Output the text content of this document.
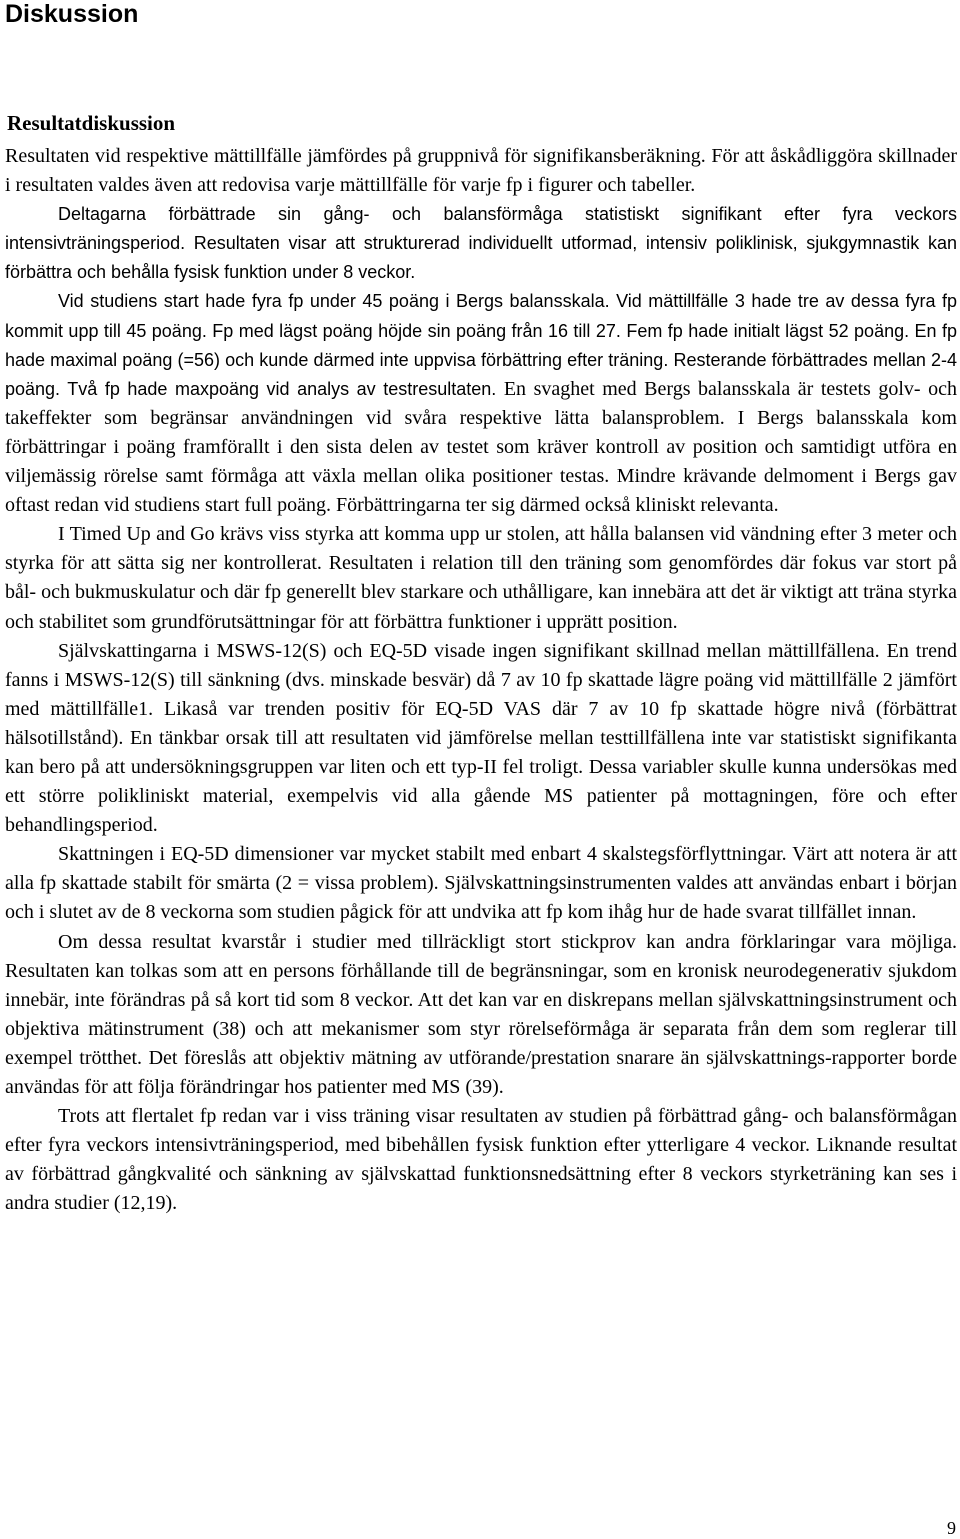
Diskussion
Resultatdiskussion

Resultaten vid respektive mättillfälle jämfördes på gruppnivå för signifikansberäkning. För att åskådliggöra skillnader i resultaten valdes även att redovisa varje mättillfälle för varje fp i figurer och tabeller.

Deltagarna förbättrade sin gång- och balansförmåga statistiskt signifikant efter fyra veckors intensivträningsperiod. Resultaten visar att strukturerad individuellt utformad, intensiv poliklinisk, sjukgymnastik kan förbättra och behålla fysisk funktion under 8 veckor.

Vid studiens start hade fyra fp under 45 poäng i Bergs balansskala. Vid mättillfälle 3 hade tre av dessa fyra fp kommit upp till 45 poäng. Fp med lägst poäng höjde sin poäng från 16 till 27. Fem fp hade initialt lägst 52 poäng. En fp hade maximal poäng (=56) och kunde därmed inte uppvisa förbättring efter träning. Resterande förbättrades mellan 2-4 poäng. Två fp hade maxpoäng vid analys av testresultaten. En svaghet med Bergs balansskala är testets golv- och takeffekter som begränsar användningen vid svåra respektive lätta balansproblem. I Bergs balansskala kom förbättringar i poäng framförallt i den sista delen av testet som kräver kontroll av position och samtidigt utföra en viljemässig rörelse samt förmåga att växla mellan olika positioner testas. Mindre krävande delmoment i Bergs gav oftast redan vid studiens start full poäng. Förbättringarna ter sig därmed också kliniskt relevanta.

I Timed Up and Go krävs viss styrka att komma upp ur stolen, att hålla balansen vid vändning efter 3 meter och styrka för att sätta sig ner kontrollerat. Resultaten i relation till den träning som genomfördes där fokus var stort på bål- och bukmuskulatur och där fp generellt blev starkare och uthålligare, kan innebära att det är viktigt att träna styrka och stabilitet som grundförutsättningar för att förbättra funktioner i upprätt position.

Självskattingarna i MSWS-12(S) och EQ-5D visade ingen signifikant skillnad mellan mättillfällena. En trend fanns i MSWS-12(S) till sänkning (dvs. minskade besvär) då 7 av 10 fp skattade lägre poäng vid mättillfälle 2 jämfört med mättillfälle1. Likaså var trenden positiv för EQ-5D VAS där 7 av 10 fp skattade högre nivå (förbättrat hälsotillstånd). En tänkbar orsak till att resultaten vid jämförelse mellan testtillfällena inte var statistiskt signifikanta kan bero på att undersökningsgruppen var liten och ett typ-II fel troligt. Dessa variabler skulle kunna undersökas med ett större polikliniskt material, exempelvis vid alla gående MS patienter på mottagningen, före och efter behandlingsperiod.

Skattningen i EQ-5D dimensioner var mycket stabilt med enbart 4 skalstegsförflyttningar. Värt att notera är att alla fp skattade stabilt för smärta (2 = vissa problem). Självskattningsinstrumenten valdes att användas enbart i början och i slutet av de 8 veckorna som studien pågick för att undvika att fp kom ihåg hur de hade svarat tillfället innan.

Om dessa resultat kvarstår i studier med tillräckligt stort stickprov kan andra förklaringar vara möjliga. Resultaten kan tolkas som att en persons förhållande till de begränsningar, som en kronisk neurodegenerativ sjukdom innebär, inte förändras på så kort tid som 8 veckor. Att det kan var en diskrepans mellan självskattningsinstrument och objektiva mätinstrument (38) och att mekanismer som styr rörelseförmåga är separata från dem som reglerar till exempel trötthet. Det föreslås att objektiv mätning av utförande/prestation snarare än självskattnings-rapporter borde användas för att följa förändringar hos patienter med MS (39).

Trots att flertalet fp redan var i viss träning visar resultaten av studien på förbättrad gång- och balansförmågan efter fyra veckors intensivträningsperiod, med bibehållen fysisk funktion efter ytterligare 4 veckor. Liknande resultat av förbättrad gångkvalité och sänkning av självskattad funktionsnedsättning efter 8 veckors styrketräning kan ses i andra studier (12,19).

9
